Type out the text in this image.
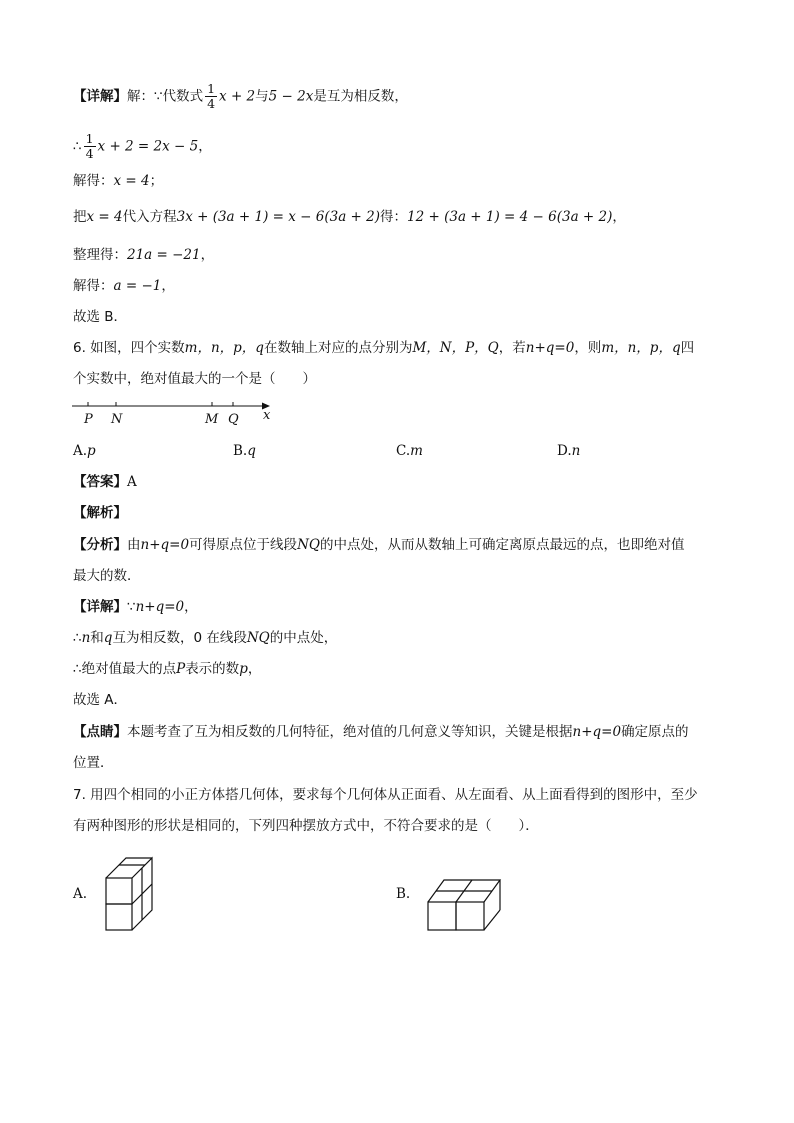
【详解】解：∵代数式 $\frac{1}{4}$ x + 2与5 − 2x是互为相反数，
∴ $\frac{1}{4}$ x + 2 = 2x − 5，
解得：x = 4；
把x = 4代入方程3x + (3a + 1) = x − 6(3a + 2)得：12 + (3a + 1) = 4 − 6(3a + 2)，
整理得：21a = −21，
解得：a = −1，
故选 B．
6. 如图，四个实数m，n，p，q在数轴上对应的点分别为M，N，P，Q，若n+q=0，则m，n，p，q四
个实数中，绝对值最大的一个是（　　）
P N	M Q x
A.p	B.q	C.m	D.n
【答案】A
【解析】
【分析】由n+q=0可得原点位于线段NQ的中点处，从而从数轴上可确定离原点最远的点，也即绝对值
最大的数．
【详解】∵n+q=0，
∴n和q互为相反数，0 在线段NQ的中点处，
∴绝对值最大的点P表示的数p，
故选 A．
【点睛】本题考查了互为相反数的几何特征，绝对值的几何意义等知识，关键是根据n+q=0确定原点的
位置．
7. 用四个相同的小正方体搭几何体，要求每个几何体从正面看、从左面看、从上面看得到的图形中，至少
有两种图形的形状是相同的，下列四种摆放方式中，不符合要求的是（　　）．
A.	B.
